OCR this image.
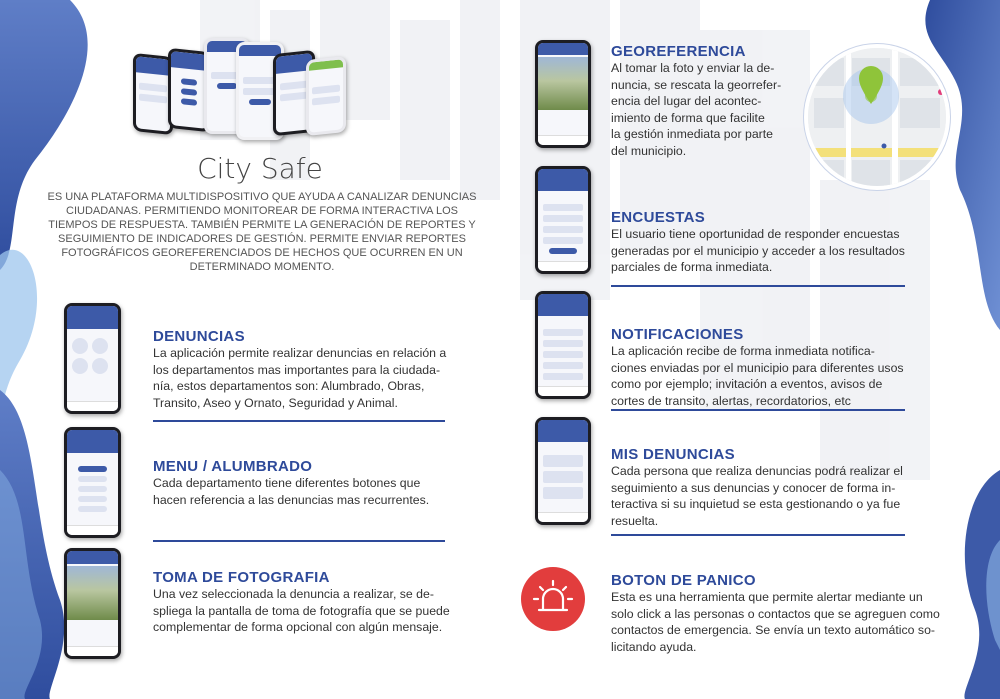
City Safe
ES UNA PLATAFORMA MULTIDISPOSITIVO QUE AYUDA A CANALIZAR DENUNCIAS CIUDADANAS. PERMITIENDO MONITOREAR DE FORMA INTERACTIVA LOS TIEMPOS DE RESPUESTA. TAMBIÉN PERMITE LA GENERACIÓN DE REPORTES Y SEGUIMIENTO DE INDICADORES DE GESTIÓN. PERMITE ENVIAR REPORTES FOTOGRÁFICOS GEOREFERENCIADOS DE HECHOS QUE OCURREN EN UN DETERMINADO MOMENTO.
DENUNCIAS
La aplicación permite realizar denuncias en relación a
los departamentos mas importantes para la ciudada-
nía, estos departamentos son: Alumbrado, Obras,
Transito, Aseo y Ornato, Seguridad y Animal.
MENU / ALUMBRADO
Cada departamento tiene diferentes botones que
hacen referencia a las denuncias mas recurrentes.
TOMA DE FOTOGRAFIA
Una vez seleccionada la denuncia a realizar, se de-
spliega la pantalla de toma de fotografía que se puede
complementar de forma opcional con algún mensaje.
GEOREFERENCIA
Al tomar la foto y enviar la de-
nuncia, se rescata la georrefer-
encia del lugar del acontec-
imiento de forma que facilite
la gestión inmediata por parte
del municipio.
ENCUESTAS
El usuario tiene oportunidad de responder encuestas
generadas por el municipio y acceder a los resultados
parciales de forma inmediata.
NOTIFICACIONES
La aplicación recibe de forma inmediata notifica-
ciones enviadas por el municipio para diferentes usos
como por ejemplo; invitación a eventos, avisos de
cortes de transito, alertas, recordatorios, etc
MIS DENUNCIAS
Cada persona que realiza denuncias podrá realizar el
seguimiento a sus denuncias y conocer de forma in-
teractiva si su inquietud se esta gestionando o ya fue
resuelta.
BOTON DE PANICO
Esta es una herramienta que permite alertar mediante un
solo click a las personas o contactos que se agreguen como
contactos de emergencia. Se envía un texto automático so-
licitando ayuda.
